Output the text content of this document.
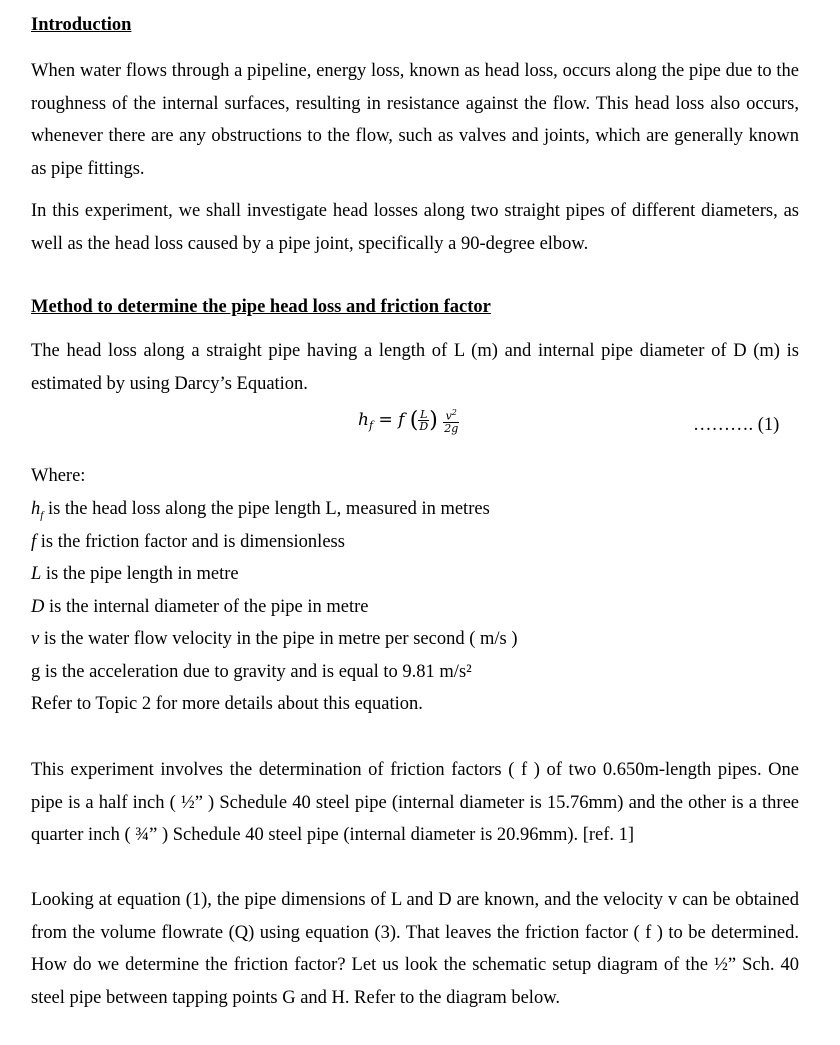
Introduction

When water flows through a pipeline, energy loss, known as head loss, occurs along the pipe due to the roughness of the internal surfaces, resulting in resistance against the flow. This head loss also occurs, whenever there are any obstructions to the flow, such as valves and joints, which are generally known as pipe fittings.

In this experiment, we shall investigate head losses along two straight pipes of different diameters, as well as the head loss caused by a pipe joint, specifically a 90-degree elbow.

Method to determine the pipe head loss and friction factor

The head loss along a straight pipe having a length of L (m) and internal pipe diameter of D (m) is estimated by using Darcy’s Equation.

$h_f = f$ ( $\frac{L}{D}$ ) $\frac{v^2}{2g}$	………. (1)
Where:
$h_f$ is the head loss along the pipe length L, measured in metres
f is the friction factor and is dimensionless
L is the pipe length in metre
D is the internal diameter of the pipe in metre
v is the water flow velocity in the pipe in metre per second ( m/s )
g is the acceleration due to gravity and is equal to 9.81 m/s²
Refer to Topic 2 for more details about this equation.

This experiment involves the determination of friction factors ( f ) of two 0.650m-length pipes. One pipe is a half inch ( ½” ) Schedule 40 steel pipe (internal diameter is 15.76mm) and the other is a three quarter inch ( ¾” ) Schedule 40 steel pipe (internal diameter is 20.96mm). [ref. 1]

Looking at equation (1), the pipe dimensions of L and D are known, and the velocity v can be obtained from the volume flowrate (Q) using equation (3). That leaves the friction factor ( f ) to be determined. How do we determine the friction factor? Let us look the schematic setup diagram of the ½” Sch. 40 steel pipe between tapping points G and H. Refer to the diagram below.
